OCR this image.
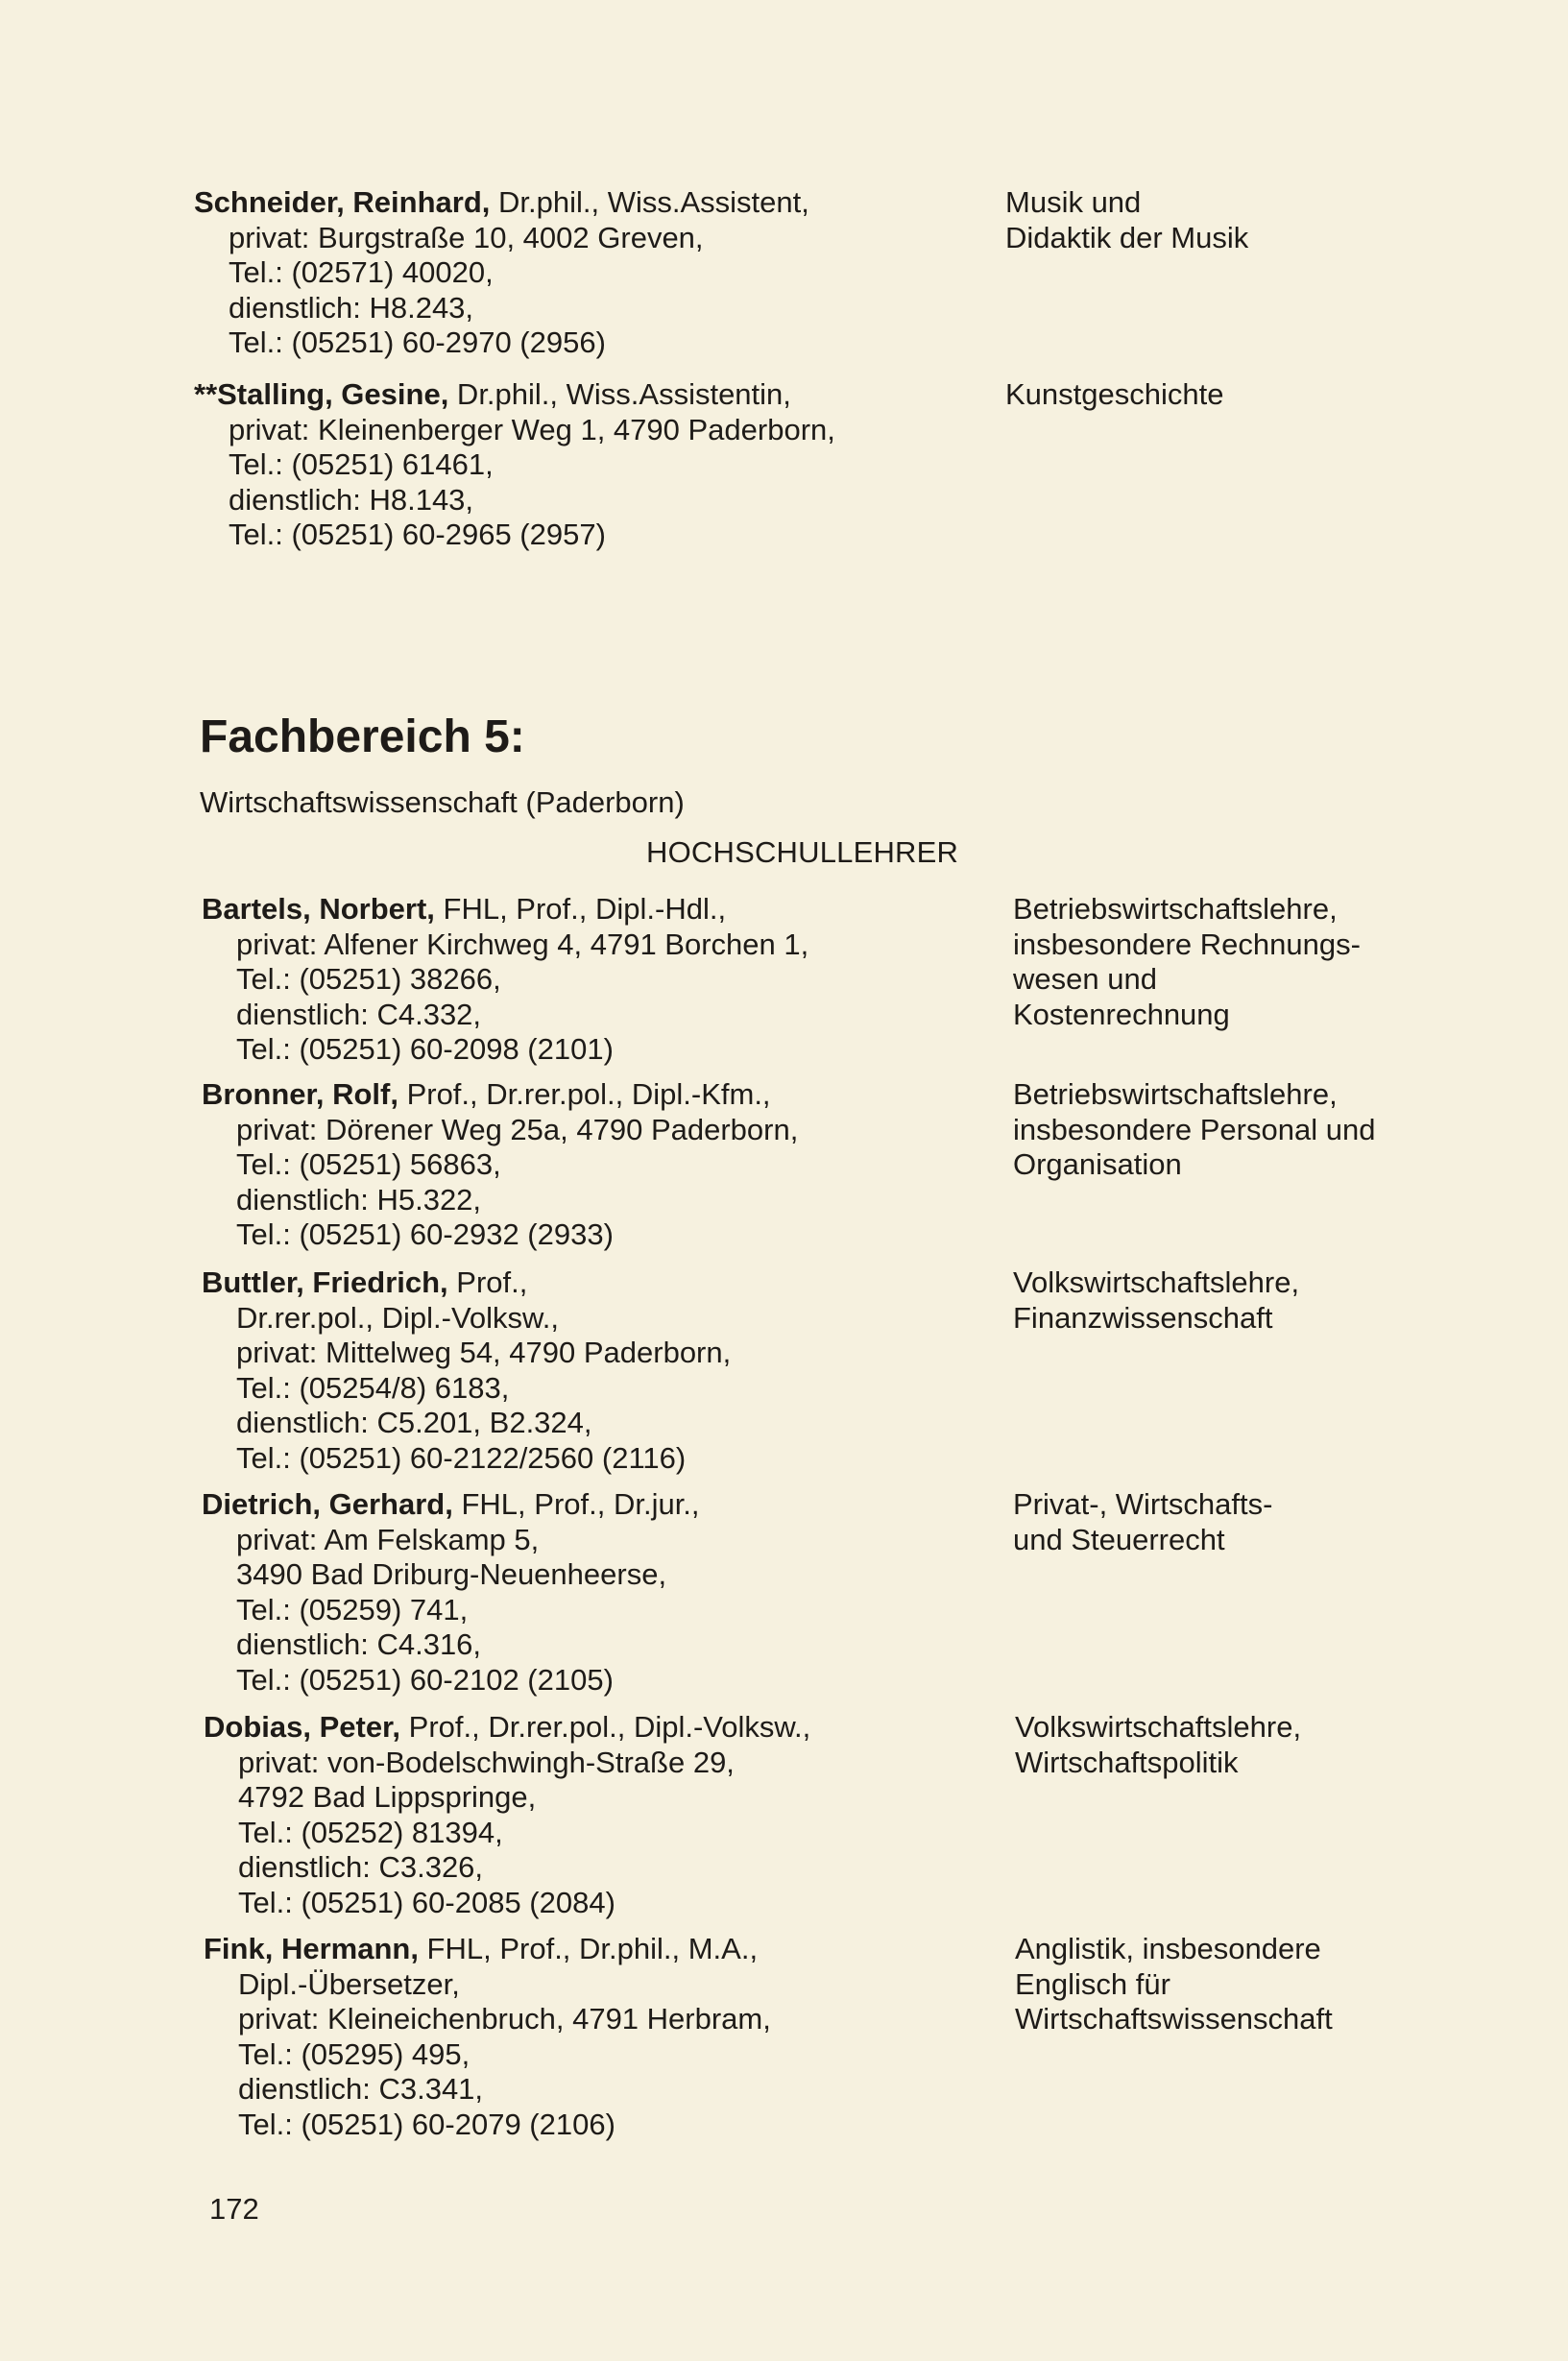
Schneider, Reinhard, Dr.phil., Wiss.Assistent,
privat: Burgstraße 10, 4002 Greven,
Tel.: (02571) 40020,
dienstlich: H8.243,
Tel.: (05251) 60-2970 (2956)
Musik und
Didaktik der Musik
**Stalling, Gesine, Dr.phil., Wiss.Assistentin,
privat: Kleinenberger Weg 1, 4790 Paderborn,
Tel.: (05251) 61461,
dienstlich: H8.143,
Tel.: (05251) 60-2965 (2957)
Kunstgeschichte
Fachbereich 5:
Wirtschaftswissenschaft (Paderborn)
HOCHSCHULLEHRER
Bartels, Norbert, FHL, Prof., Dipl.-Hdl.,
privat: Alfener Kirchweg 4, 4791 Borchen 1,
Tel.: (05251) 38266,
dienstlich: C4.332,
Tel.: (05251) 60-2098 (2101)
Betriebswirtschaftslehre,
insbesondere Rechnungs-
wesen und
Kostenrechnung
Bronner, Rolf, Prof., Dr.rer.pol., Dipl.-Kfm.,
privat: Dörener Weg 25a, 4790 Paderborn,
Tel.: (05251) 56863,
dienstlich: H5.322,
Tel.: (05251) 60-2932 (2933)
Betriebswirtschaftslehre,
insbesondere Personal und
Organisation
Buttler, Friedrich, Prof.,
Dr.rer.pol., Dipl.-Volksw.,
privat: Mittelweg 54, 4790 Paderborn,
Tel.: (05254/8) 6183,
dienstlich: C5.201, B2.324,
Tel.: (05251) 60-2122/2560 (2116)
Volkswirtschaftslehre,
Finanzwissenschaft
Dietrich, Gerhard, FHL, Prof., Dr.jur.,
privat: Am Felskamp 5,
3490 Bad Driburg-Neuenheerse,
Tel.: (05259) 741,
dienstlich: C4.316,
Tel.: (05251) 60-2102 (2105)
Privat-, Wirtschafts-
und Steuerrecht
Dobias, Peter, Prof., Dr.rer.pol., Dipl.-Volksw.,
privat: von-Bodelschwingh-Straße 29,
4792 Bad Lippspringe,
Tel.: (05252) 81394,
dienstlich: C3.326,
Tel.: (05251) 60-2085 (2084)
Volkswirtschaftslehre,
Wirtschaftspolitik
Fink, Hermann, FHL, Prof., Dr.phil., M.A.,
Dipl.-Übersetzer,
privat: Kleineichenbruch, 4791 Herbram,
Tel.: (05295) 495,
dienstlich: C3.341,
Tel.: (05251) 60-2079 (2106)
Anglistik, insbesondere
Englisch für
Wirtschaftswissenschaft
172
